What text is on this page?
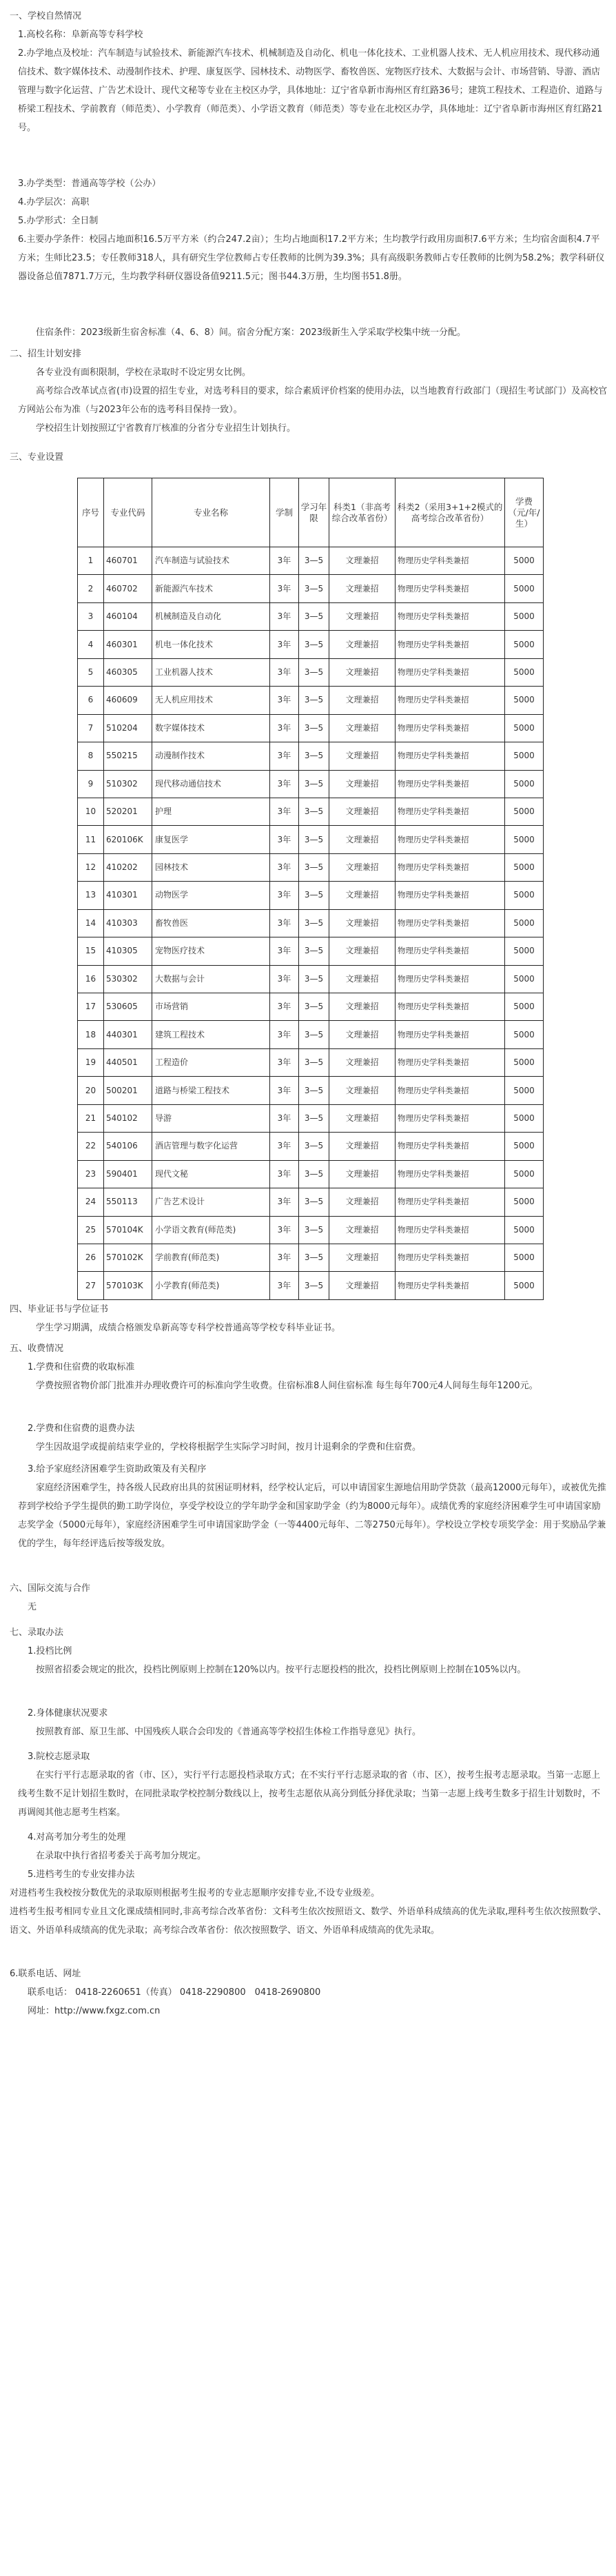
一、学校自然情况

1.高校名称：阜新高等专科学校

2.办学地点及校址：汽车制造与试验技术、新能源汽车技术、机械制造及自动化、机电一体化技术、工业机器人技术、无人机应用技术、现代移动通信技术、数字媒体技术、动漫制作技术、护理、康复医学、园林技术、动物医学、畜牧兽医、宠物医疗技术、大数据与会计、市场营销、导游、酒店管理与数字化运营、广告艺术设计、现代文秘等专业在主校区办学，具体地址：辽宁省阜新市海州区育红路36号；建筑工程技术、工程造价、道路与桥梁工程技术、学前教育（师范类）、小学教育（师范类）、小学语文教育（师范类）等专业在北校区办学，具体地址：辽宁省阜新市海州区育红路21号。

3.办学类型：普通高等学校（公办）

4.办学层次：高职

5.办学形式：全日制

6.主要办学条件：校园占地面积16.5万平方米（约合247.2亩）；生均占地面积17.2平方米；生均教学行政用房面积7.6平方米；生均宿舍面积4.7平方米；生师比23.5；专任教师318人，具有研究生学位教师占专任教师的比例为39.3%；具有高级职务教师占专任教师的比例为58.2%；教学科研仪器设备总值7871.7万元，生均教学科研仪器设备值9211.5元；图书44.3万册，生均图书51.8册。

住宿条件：2023级新生宿舍标准（4、6、8）间。宿舍分配方案：2023级新生入学采取学校集中统一分配。

二、招生计划安排

各专业没有面积限制，学校在录取时不设定男女比例。

高考综合改革试点省(市)设置的招生专业，对选考科目的要求，综合素质评价档案的使用办法，以当地教育行政部门（现招生考试部门）及高校官方网站公布为准（与2023年公布的选考科目保持一致）。

学校招生计划按照辽宁省教育厅核准的分省分专业招生计划执行。

三、专业设置

序号	专业代码	专业名称	学制	学习年限	科类1（非高考综合改革省份）	科类2（采用3+1+2模式的高考综合改革省份）	学费（元/年/生）
1	460701	汽车制造与试验技术	3年	3—5	文理兼招	物理历史学科类兼招	5000
2	460702	新能源汽车技术	3年	3—5	文理兼招	物理历史学科类兼招	5000
3	460104	机械制造及自动化	3年	3—5	文理兼招	物理历史学科类兼招	5000
4	460301	机电一体化技术	3年	3—5	文理兼招	物理历史学科类兼招	5000
5	460305	工业机器人技术	3年	3—5	文理兼招	物理历史学科类兼招	5000
6	460609	无人机应用技术	3年	3—5	文理兼招	物理历史学科类兼招	5000
7	510204	数字媒体技术	3年	3—5	文理兼招	物理历史学科类兼招	5000
8	550215	动漫制作技术	3年	3—5	文理兼招	物理历史学科类兼招	5000
9	510302	现代移动通信技术	3年	3—5	文理兼招	物理历史学科类兼招	5000
10	520201	护理	3年	3—5	文理兼招	物理历史学科类兼招	5000
11	620106K	康复医学	3年	3—5	文理兼招	物理历史学科类兼招	5000
12	410202	园林技术	3年	3—5	文理兼招	物理历史学科类兼招	5000
13	410301	动物医学	3年	3—5	文理兼招	物理历史学科类兼招	5000
14	410303	畜牧兽医	3年	3—5	文理兼招	物理历史学科类兼招	5000
15	410305	宠物医疗技术	3年	3—5	文理兼招	物理历史学科类兼招	5000
16	530302	大数据与会计	3年	3—5	文理兼招	物理历史学科类兼招	5000
17	530605	市场营销	3年	3—5	文理兼招	物理历史学科类兼招	5000
18	440301	建筑工程技术	3年	3—5	文理兼招	物理历史学科类兼招	5000
19	440501	工程造价	3年	3—5	文理兼招	物理历史学科类兼招	5000
20	500201	道路与桥梁工程技术	3年	3—5	文理兼招	物理历史学科类兼招	5000
21	540102	导游	3年	3—5	文理兼招	物理历史学科类兼招	5000
22	540106	酒店管理与数字化运营	3年	3—5	文理兼招	物理历史学科类兼招	5000
23	590401	现代文秘	3年	3—5	文理兼招	物理历史学科类兼招	5000
24	550113	广告艺术设计	3年	3—5	文理兼招	物理历史学科类兼招	5000
25	570104K	小学语文教育(师范类)	3年	3—5	文理兼招	物理历史学科类兼招	5000
26	570102K	学前教育(师范类)	3年	3—5	文理兼招	物理历史学科类兼招	5000
27	570103K	小学教育(师范类)	3年	3—5	文理兼招	物理历史学科类兼招	5000

四、毕业证书与学位证书

学生学习期满，成绩合格颁发阜新高等专科学校普通高等学校专科毕业证书。

五、收费情况

1.学费和住宿费的收取标准

学费按照省物价部门批准并办理收费许可的标准向学生收费。住宿标准8人间住宿标准 每生每年700元4人间每生每年1200元。

2.学费和住宿费的退费办法

学生因故退学或提前结束学业的，学校将根据学生实际学习时间，按月计退剩余的学费和住宿费。

3.给予家庭经济困难学生资助政策及有关程序

家庭经济困难学生，持各级人民政府出具的贫困证明材料，经学校认定后，可以申请国家生源地信用助学贷款（最高12000元每年），或被优先推荐到学校给予学生提供的勤工助学岗位，享受学校设立的学年助学金和国家助学金（约为8000元每年）。成绩优秀的家庭经济困难学生可申请国家励志奖学金（5000元每年），家庭经济困难学生可申请国家助学金（一等4400元每年、二等2750元每年）。学校设立学校专项奖学金：用于奖励品学兼优的学生，每年经评选后按等级发放。

六、国际交流与合作

无

七、录取办法

1.投档比例

按照省招委会规定的批次，投档比例原则上控制在120%以内。按平行志愿投档的批次，投档比例原则上控制在105%以内。

2.身体健康状况要求

按照教育部、原卫生部、中国残疾人联合会印发的《普通高等学校招生体检工作指导意见》执行。

3.院校志愿录取

在实行平行志愿录取的省（市、区），实行平行志愿投档录取方式；在不实行平行志愿录取的省（市、区），按考生报考志愿录取。当第一志愿上线考生数不足计划招生数时，在同批录取学校控制分数线以上，按考生志愿依从高分到低分择优录取；当第一志愿上线考生数多于招生计划数时，不再调阅其他志愿考生档案。

4.对高考加分考生的处理

在录取中执行省招考委关于高考加分规定。

5.进档考生的专业安排办法

对进档考生我校按分数优先的录取原则根据考生报考的专业志愿顺序安排专业,不设专业级差。

进档考生报考相同专业且文化课成绩相同时,非高考综合改革省份：文科考生依次按照语文、数学、外语单科成绩高的优先录取,理科考生依次按照数学、语文、外语单科成绩高的优先录取；高考综合改革省份：依次按照数学、语文、外语单科成绩高的优先录取。

6.联系电话、网址

联系电话： 0418-2260651（传真） 0418-2290800　0418-2690800

网址：http://www.fxgz.com.cn
